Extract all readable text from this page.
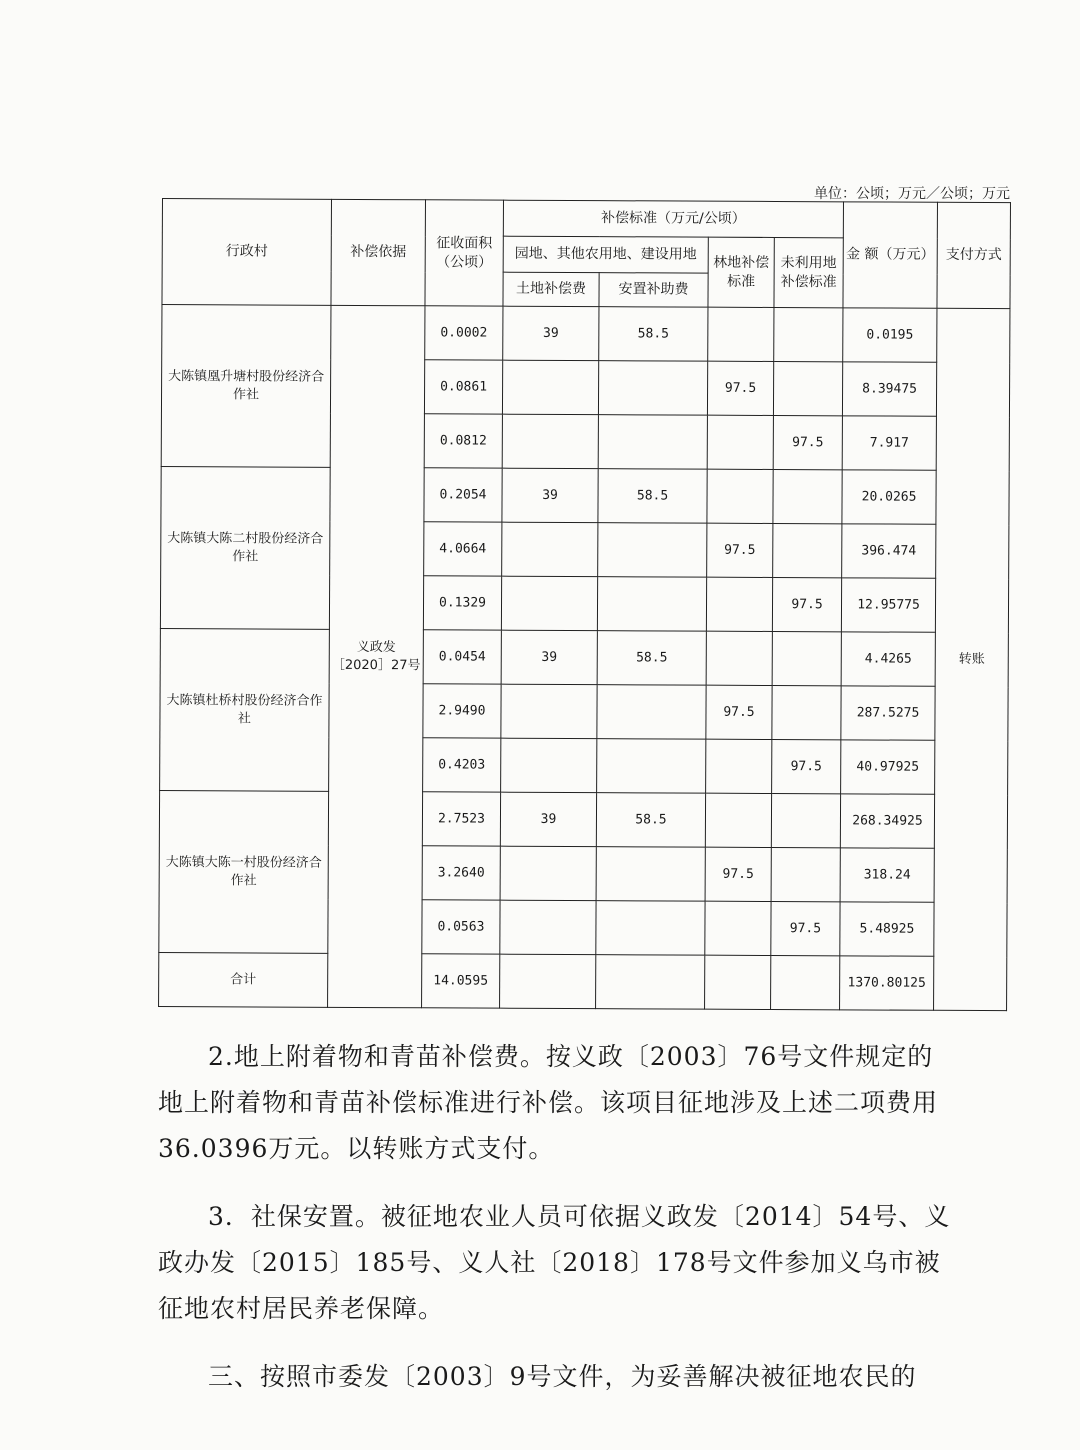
单位：公顷；万元／公顷；万元
行政村	补偿依据	征收面积（公顷）	补偿标准（万元/公顷）				金 额（万元）	支付方式
			园地、其他农用地、建设用地		林地补偿标准	未利用地补偿标准		
			土地补偿费	安置补助费				
大陈镇凰升塘村股份经济合作社	义政发［2020］27号	0.0002	39	58.5			0.0195	转账
		0.0861			97.5		8.39475	
		0.0812				97.5	7.917	
大陈镇大陈二村股份经济合作社		0.2054	39	58.5			20.0265	
		4.0664			97.5		396.474	
		0.1329				97.5	12.95775	
大陈镇杜桥村股份经济合作社		0.0454	39	58.5			4.4265	
		2.9490			97.5		287.5275	
		0.4203				97.5	40.97925	
大陈镇大陈一村股份经济合作社		2.7523	39	58.5			268.34925	
		3.2640			97.5		318.24	
		0.0563				97.5	5.48925	
合计		14.0595					1370.80125	

2.地上附着物和青苗补偿费。按义政〔2003〕76号文件规定的地上附着物和青苗补偿标准进行补偿。该项目征地涉及上述二项费用36.0396万元。以转账方式支付。

3．社保安置。被征地农业人员可依据义政发〔2014〕54号、义政办发〔2015〕185号、义人社〔2018〕178号文件参加义乌市被征地农村居民养老保障。

三、按照市委发〔2003〕9号文件，为妥善解决被征地农民的
